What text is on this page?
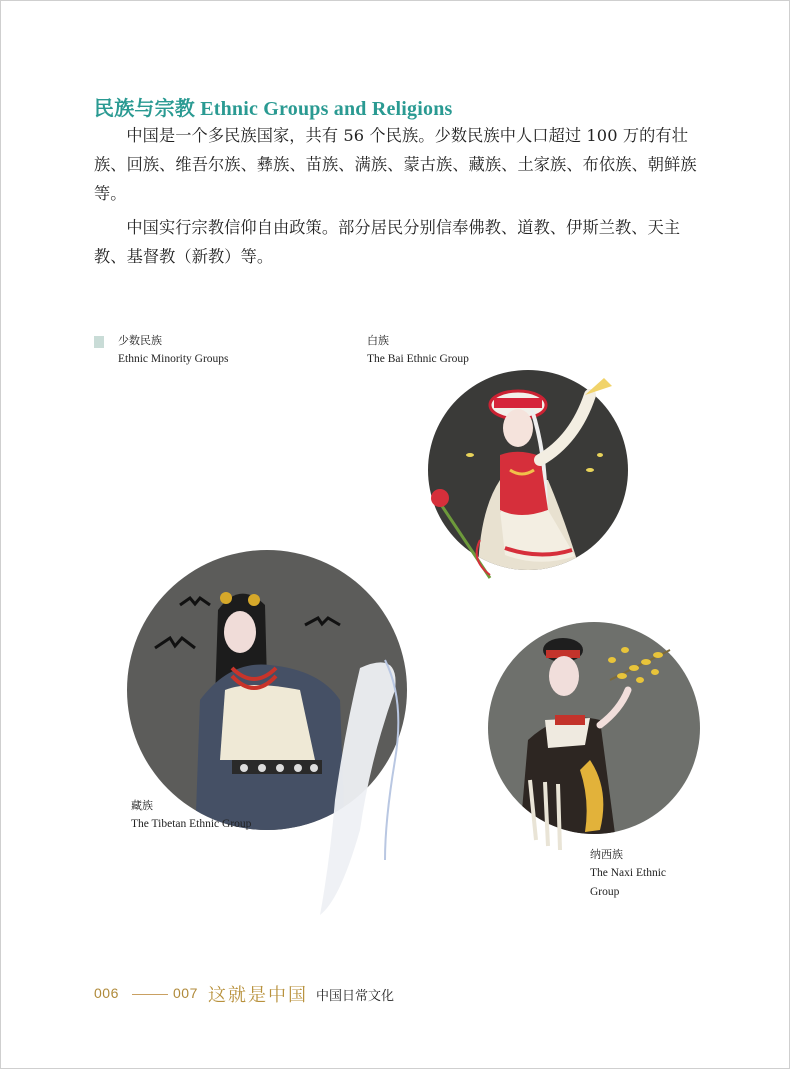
民族与宗教 Ethnic Groups and Religions
中国是一个多民族国家，共有 56 个民族。少数民族中人口超过 100 万的有壮族、回族、维吾尔族、彝族、苗族、满族、蒙古族、藏族、土家族、布依族、朝鲜族等。
中国实行宗教信仰自由政策。部分居民分别信奉佛教、道教、伊斯兰教、天主教、基督教（新教）等。
少数民族
Ethnic Minority Groups
白族
The Bai Ethnic Group
藏族
The Tibetan Ethnic Group
纳西族
The Naxi Ethnic
Group
006	007 这就是中国 中国日常文化
